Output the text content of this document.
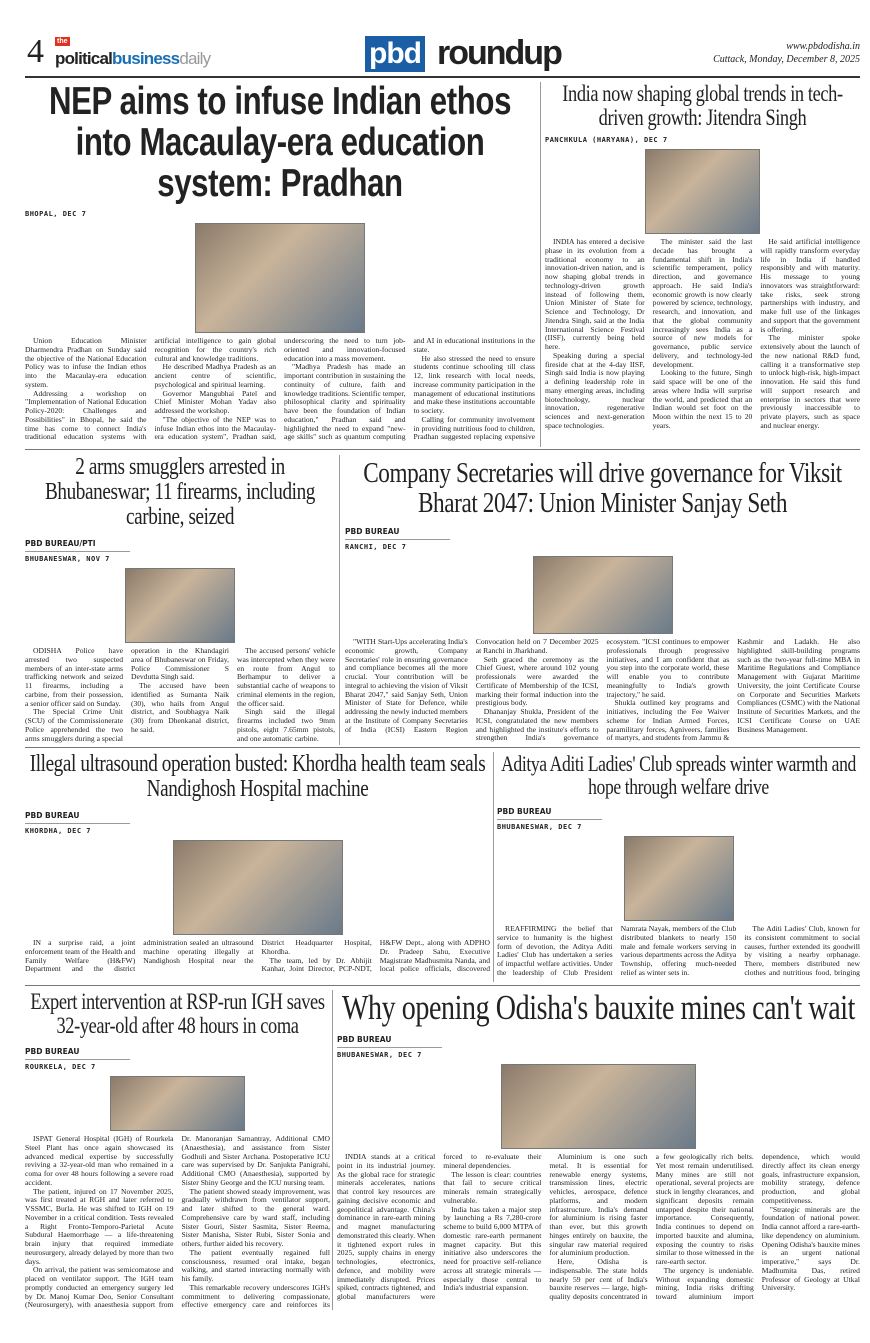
4 the
politicalbusinessdaily	pbd roundup	www.pbdodisha.in
Cuttack, Monday, December 8, 2025
NEP aims to infuse Indian ethos into Macaulay-era education system: Pradhan
BHOPAL, DEC 7

Union Education Minister Dharmendra Pradhan on Sunday said the objective of the National Education Policy was to infuse the Indian ethos into the Macaulay-era education system.

Addressing a workshop on "Implementation of National Education Policy-2020: Challenges and Possibilities" in Bhopal, he said the time has come to connect India's traditional education systems with artificial intelligence to gain global recognition for the country's rich cultural and knowledge traditions.

He described Madhya Pradesh as an ancient centre of scientific, psychological and spiritual learning.

Governor Mangubhai Patel and Chief Minister Mohan Yadav also addressed the workshop.

"The objective of the NEP was to infuse Indian ethos into the Macaulay-era education system", Pradhan said, underscoring the need to turn job-oriented and innovation-focused education into a mass movement.

"Madhya Pradesh has made an important contribution in sustaining the continuity of culture, faith and knowledge traditions. Scientific temper, philosophical clarity and spirituality have been the foundation of Indian education," Pradhan said and highlighted the need to expand "new-age skills" such as quantum computing and AI in educational institutions in the state.

He also stressed the need to ensure students continue schooling till class 12, link research with local needs, increase community participation in the management of educational institutions and make these institutions accountable to society.

Calling for community involvement in providing nutritious food to children, Pradhan suggested replacing expensive

India now shaping global trends in tech-driven growth: Jitendra Singh
PANCHKULA (HARYANA), DEC 7

INDIA has entered a decisive phase in its evolution from a traditional economy to an innovation-driven nation, and is now shaping global trends in technology-driven growth instead of following them, Union Minister of State for Science and Technology, Dr Jitendra Singh, said at the India International Science Festival (IISF), currently being held here.

Speaking during a special fireside chat at the 4-day IISF, Singh said India is now playing a defining leadership role in many emerging areas, including biotechnology, nuclear innovation, regenerative sciences and next-generation space technologies.

The minister said the last decade has brought a fundamental shift in India's scientific temperament, policy direction, and governance approach. He said India's economic growth is now clearly powered by science, technology, research, and innovation, and that the global community increasingly sees India as a source of new models for governance, public service delivery, and technology-led development.

Looking to the future, Singh said space will be one of the areas where India will surprise the world, and predicted that an Indian would set foot on the Moon within the next 15 to 20 years.

He said artificial intelligence will rapidly transform everyday life in India if handled responsibly and with maturity. His message to young innovators was straightforward: take risks, seek strong partnerships with industry, and make full use of the linkages and support that the government is offering.

The minister spoke extensively about the launch of the new national R&D fund, calling it a transformative step to unlock high-risk, high-impact innovation. He said this fund will support research and enterprise in sectors that were previously inaccessible to private players, such as space and nuclear energy.

2 arms smugglers arrested in Bhubaneswar; 11 firearms, including carbine, seized
PBD BUREAU/PTI
BHUBANESWAR, NOV 7

ODISHA Police have arrested two suspected members of an inter-state arms trafficking network and seized 11 firearms, including a carbine, from their possession, a senior officer said on Sunday.

The Special Crime Unit (SCU) of the Commissionerate Police apprehended the two arms smugglers during a special operation in the Khandagiri area of Bhubaneswar on Friday, Police Commissioner S Devdutta Singh said.

The accused have been identified as Sumanta Naik (30), who hails from Angul district, and Soubhagya Naik (30) from Dhenkanal district, he said.

The accused persons' vehicle was intercepted when they were en route from Angul to Berhampur to deliver a substantial cache of weapons to criminal elements in the region, the officer said.

Singh said the illegal firearms included two 9mm pistols, eight 7.65mm pistols, and one automatic carbine.

Company Secretaries will drive governance for Viksit Bharat 2047: Union Minister Sanjay Seth
PBD BUREAU
RANCHI, DEC 7

"WITH Start-Ups accelerating India's economic growth, Company Secretaries' role in ensuring governance and compliance becomes all the more crucial. Your contribution will be integral to achieving the vision of Viksit Bharat 2047," said Sanjay Seth, Union Minister of State for Defence, while addressing the newly inducted members at the Institute of Company Secretaries of India (ICSI) Eastern Region Convocation held on 7 December 2025 at Ranchi in Jharkhand.

Seth graced the ceremony as the Chief Guest, where around 102 young professionals were awarded the Certificate of Membership of the ICSI, marking their formal induction into the prestigious body.

Dhananjay Shukla, President of the ICSI, congratulated the new members and highlighted the institute's efforts to strengthen India's governance ecosystem. "ICSI continues to empower professionals through progressive initiatives, and I am confident that as you step into the corporate world, these will enable you to contribute meaningfully to India's growth trajectory," he said.

Shukla outlined key programs and initiatives, including the Fee Waiver scheme for Indian Armed Forces, paramilitary forces, Agniveers, families of martyrs, and students from Jammu & Kashmir and Ladakh. He also highlighted skill-building programs such as the two-year full-time MBA in Maritime Regulations and Compliance Management with Gujarat Maritime University, the joint Certificate Course on Corporate and Securities Markets Compliances (CSMC) with the National Institute of Securities Markets, and the ICSI Certificate Course on UAE Business Management.

Illegal ultrasound operation busted: Khordha health team seals Nandighosh Hospital machine
PBD BUREAU
KHORDHA, DEC 7

IN a surprise raid, a joint enforcement team of the Health and Family Welfare (H&FW) Department and the district administration sealed an ultrasound machine operating illegally at Nandighosh Hospital near the District Headquarter Hospital, Khordha.

The team, led by Dr. Abhijit Kanhar, Joint Director, PCP-NDT, H&FW Dept., along with ADPHO Dr. Pradeep Sahu, Executive Magistrate Madhusmita Nanda, and local police officials, discovered

Aditya Aditi Ladies' Club spreads winter warmth and hope through welfare drive
PBD BUREAU
BHUBANESWAR, DEC 7

REAFFIRMING the belief that service to humanity is the highest form of devotion, the Aditya Aditi Ladies' Club has undertaken a series of impactful welfare activities. Under the leadership of Club President Namrata Nayak, members of the Club distributed blankets to nearly 150 male and female workers serving in various departments across the Aditya Township, offering much-needed relief as winter sets in.

The Aditi Ladies' Club, known for its consistent commitment to social causes, further extended its goodwill by visiting a nearby orphanage. There, members distributed new clothes and nutritious food, bringing

Expert intervention at RSP-run IGH saves 32-year-old after 48 hours in coma
PBD BUREAU
ROURKELA, DEC 7

ISPAT General Hospital (IGH) of Rourkela Steel Plant has once again showcased its advanced medical expertise by successfully reviving a 32-year-old man who remained in a coma for over 48 hours following a severe road accident.

The patient, injured on 17 November 2025, was first treated at RGH and later referred to VSSMC, Burla. He was shifted to IGH on 19 November in a critical condition. Tests revealed a Right Fronto-Temporo-Parietal Acute Subdural Haemorrhage — a life-threatening brain injury that required immediate neurosurgery, already delayed by more than two days.

On arrival, the patient was semicomatose and placed on ventilator support. The IGH team promptly conducted an emergency surgery led by Dr. Manoj Kumar Deo, Senior Consultant (Neurosurgery), with anaesthesia support from Dr. Manoranjan Samantray, Additional CMO (Anaesthesia), and assistance from Sister Godhuli and Sister Archana. Postoperative ICU care was supervised by Dr. Sanjukta Panigrahi, Additional CMO (Anaesthesia), supported by Sister Shiny George and the ICU nursing team.

The patient showed steady improvement, was gradually withdrawn from ventilator support, and later shifted to the general ward. Comprehensive care by ward staff, including Sister Gouri, Sister Sasmita, Sister Reema, Sister Manisha, Sister Rubi, Sister Sonia and others, further aided his recovery.

The patient eventually regained full consciousness, resumed oral intake, began walking, and started interacting normally with his family.

This remarkable recovery underscores IGH's commitment to delivering compassionate, effective emergency care and reinforces its

Why opening Odisha's bauxite mines can't wait
PBD BUREAU
BHUBANESWAR, DEC 7

INDIA stands at a critical point in its industrial journey. As the global race for strategic minerals accelerates, nations that control key resources are gaining decisive economic and geopolitical advantage. China's dominance in rare-earth mining and magnet manufacturing demonstrated this clearly. When it tightened export rules in 2025, supply chains in energy technologies, electronics, defence, and mobility were immediately disrupted. Prices spiked, contracts tightened, and global manufacturers were forced to re-evaluate their mineral dependencies.

The lesson is clear: countries that fail to secure critical minerals remain strategically vulnerable.

India has taken a major step by launching a Rs 7,280-crore scheme to build 6,000 MTPA of domestic rare-earth permanent magnet capacity. But this initiative also underscores the need for proactive self-reliance across all strategic minerals — especially those central to India's industrial expansion.

Aluminium is one such metal. It is essential for renewable energy systems, transmission lines, electric vehicles, aerospace, defence platforms, and modern infrastructure. India's demand for aluminium is rising faster than ever, but this growth hinges entirely on bauxite, the singular raw material required for aluminium production.

Here, Odisha is indispensable. The state holds nearly 59 per cent of India's bauxite reserves — large, high-quality deposits concentrated in a few geologically rich belts. Yet most remain underutilised. Many mines are still not operational, several projects are stuck in lengthy clearances, and significant deposits remain untapped despite their national importance. Consequently, India continues to depend on imported bauxite and alumina, exposing the country to risks similar to those witnessed in the rare-earth sector.

The urgency is undeniable. Without expanding domestic mining, India risks drifting toward aluminium import dependence, which would directly affect its clean energy goals, infrastructure expansion, mobility strategy, defence production, and global competitiveness.

"Strategic minerals are the foundation of national power. India cannot afford a rare-earth-like dependency on aluminium. Opening Odisha's bauxite mines is an urgent national imperative," says Dr. Madhumita Das, retired Professor of Geology at Utkal University.
